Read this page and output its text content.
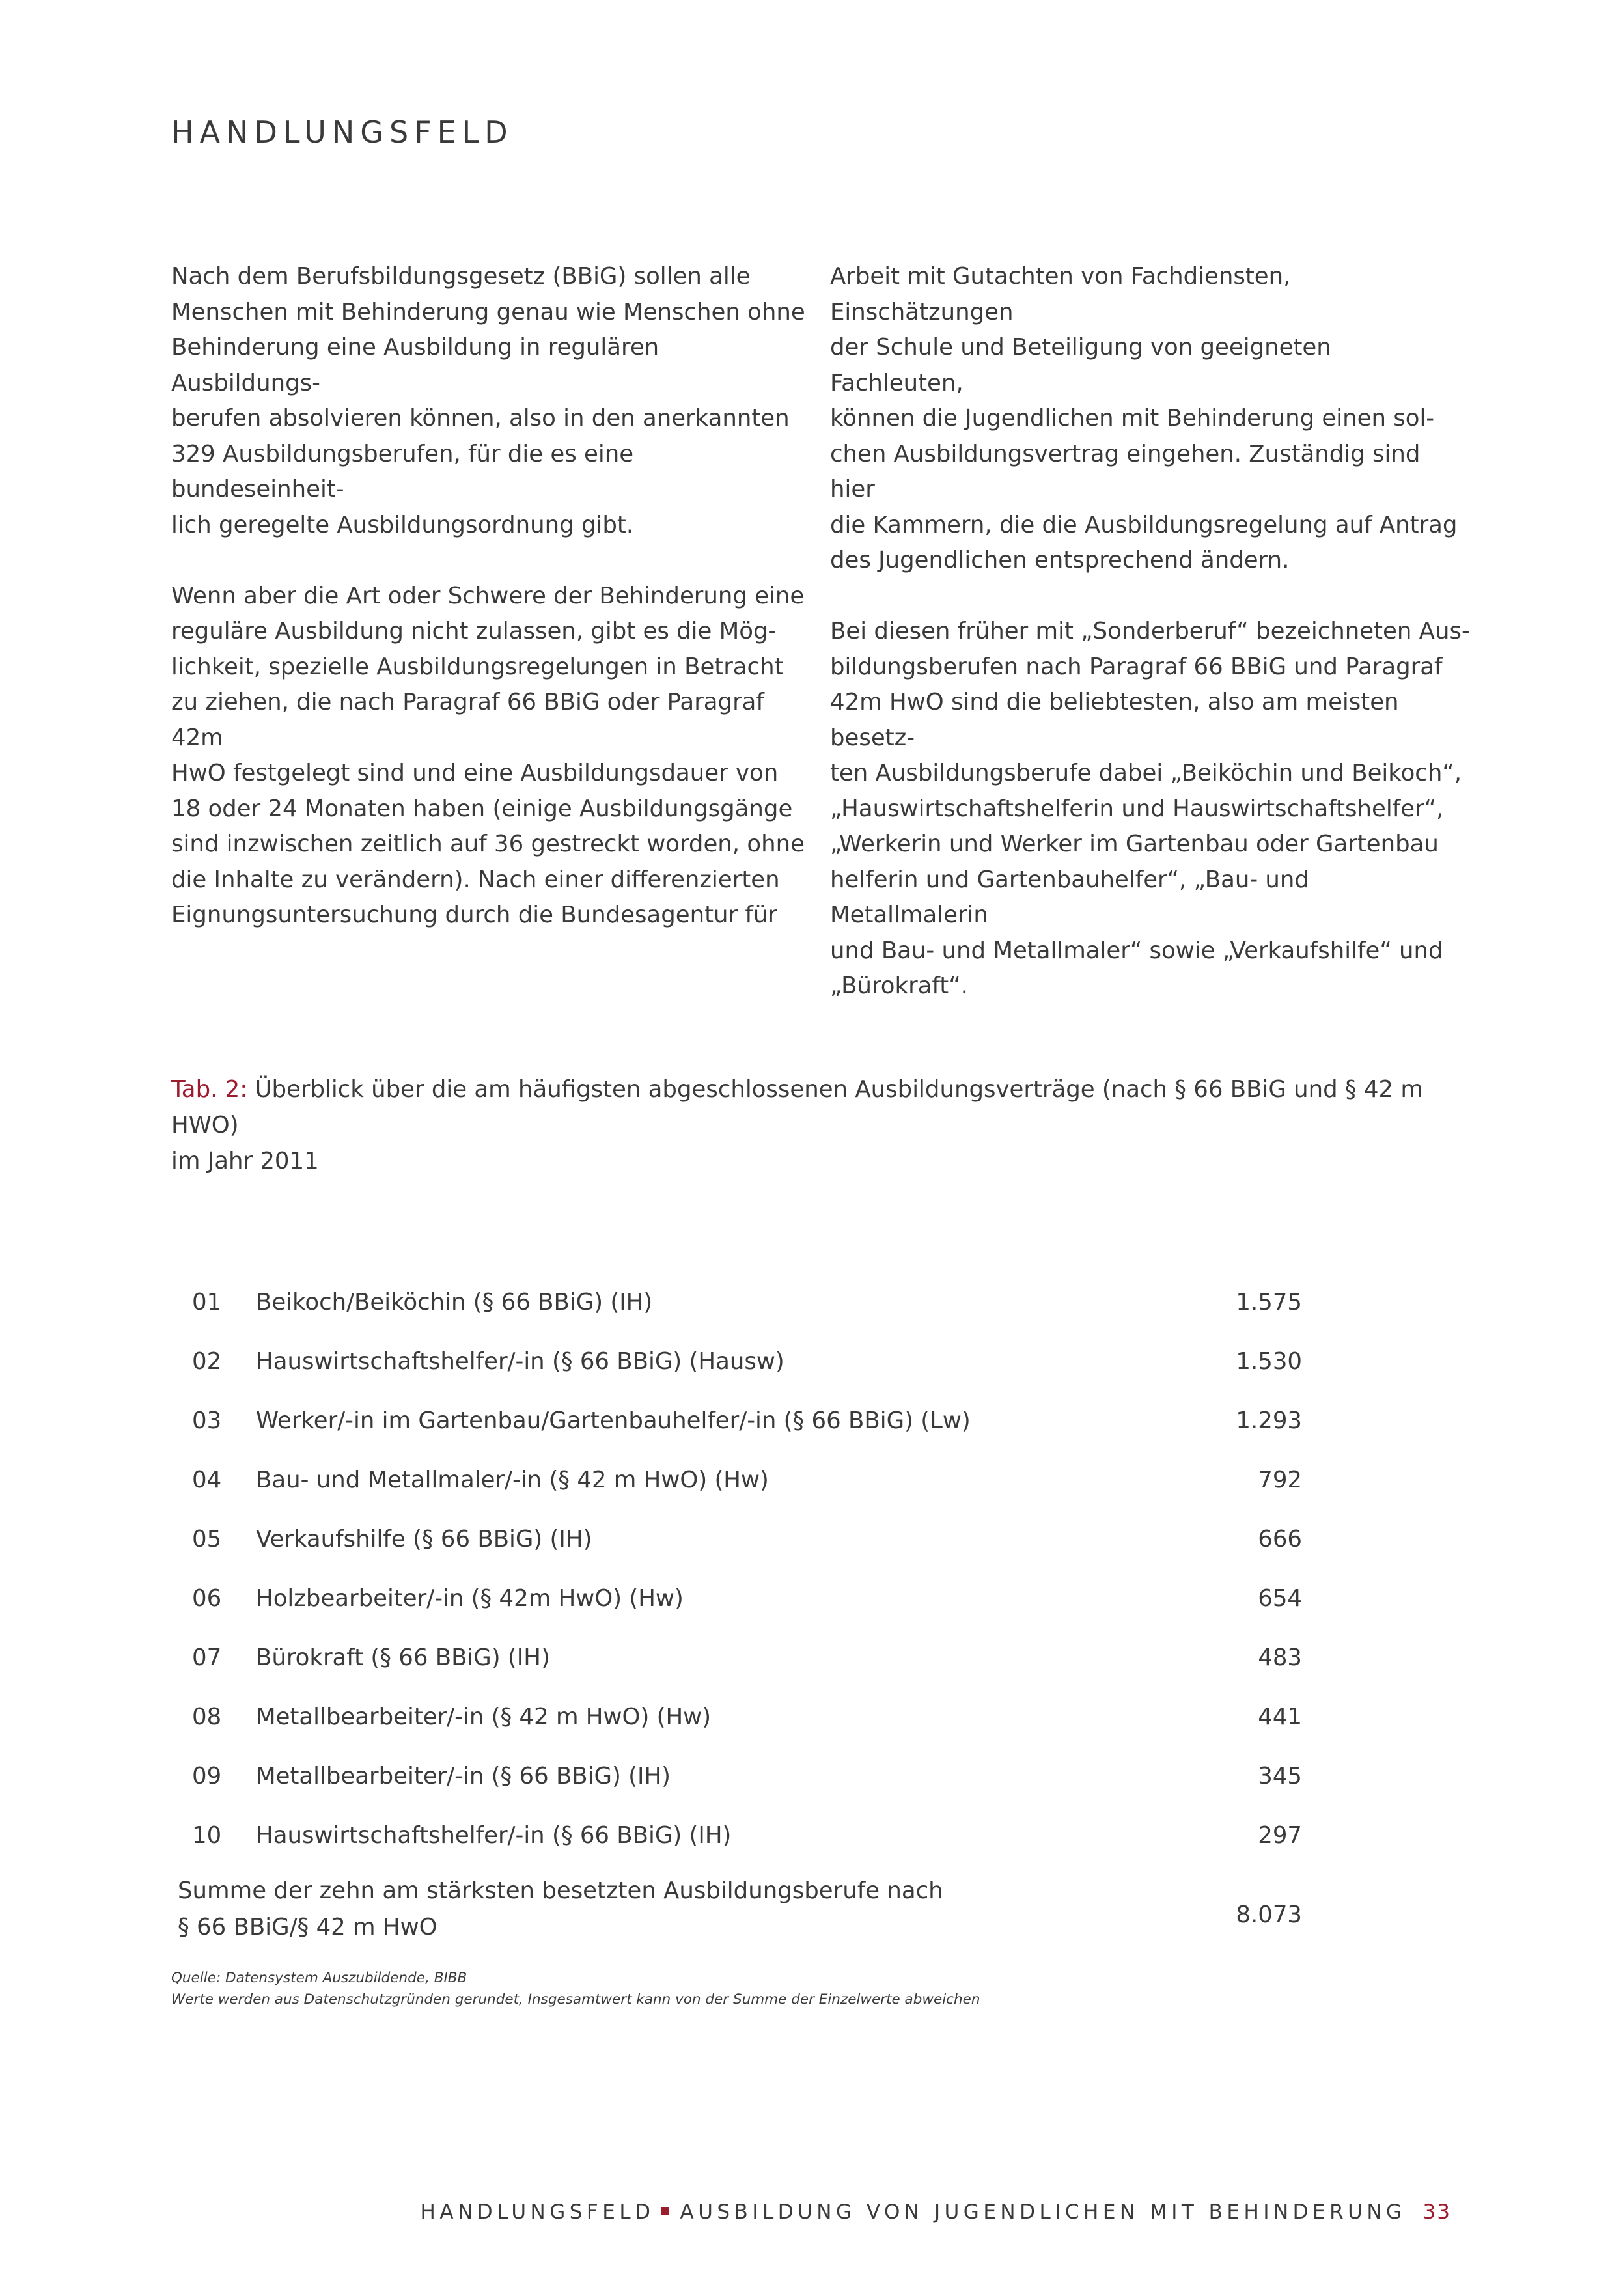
HANDLUNGSFELD

Nach dem Berufsbildungsgesetz (BBiG) sollen alle
Menschen mit Behinderung genau wie Menschen ohne
Behinderung eine Ausbildung in regulären Ausbildungs-
berufen absolvieren können, also in den anerkannten
329 Ausbildungsberufen, für die es eine bundeseinheit-
lich geregelte Ausbildungsordnung gibt.

Wenn aber die Art oder Schwere der Behinderung eine
reguläre Ausbildung nicht zulassen, gibt es die Mög-
lichkeit, spezielle Ausbildungsregelungen in Betracht
zu ziehen, die nach Paragraf 66 BBiG oder Paragraf 42m
HwO festgelegt sind und eine Ausbildungsdauer von
18 oder 24 Monaten haben (einige Ausbildungsgänge
sind inzwischen zeitlich auf 36 gestreckt worden, ohne
die Inhalte zu verändern). Nach einer differenzierten
Eignungsuntersuchung durch die Bundesagentur für

Arbeit mit Gutachten von Fachdiensten, Einschätzungen
der Schule und Beteiligung von geeigneten Fachleuten,
können die Jugendlichen mit Behinderung einen sol-
chen Ausbildungsvertrag eingehen. Zuständig sind hier
die Kammern, die die Ausbildungsregelung auf Antrag
des Jugendlichen entsprechend ändern.

Bei diesen früher mit „Sonderberuf“ bezeichneten Aus-
bildungsberufen nach Paragraf 66 BBiG und Paragraf
42m HwO sind die beliebtesten, also am meisten besetz-
ten Ausbildungsberufe dabei „Beiköchin und Beikoch“,
„Hauswirtschaftshelferin und Hauswirtschaftshelfer“,
„Werkerin und Werker im Gartenbau oder Gartenbau
helferin und Gartenbauhelfer“, „Bau- und Metallmalerin
und Bau- und Metallmaler“ sowie „Verkaufshilfe“ und
„Bürokraft“.

Tab. 2: Überblick über die am häufigsten abgeschlossenen Ausbildungsverträge (nach § 66 BBiG und § 42 m HWO)
im Jahr 2011
01 Beikoch/Beiköchin (§ 66 BBiG) (IH)	1.575
02 Hauswirtschaftshelfer/-in (§ 66 BBiG) (Hausw)	1.530
03 Werker/-in im Gartenbau/Gartenbauhelfer/-in (§ 66 BBiG) (Lw)	1.293
04 Bau- und Metallmaler/-in (§ 42 m HwO) (Hw)	792
05 Verkaufshilfe (§ 66 BBiG) (IH)	666
06 Holzbearbeiter/-in (§ 42m HwO) (Hw)	654
07 Bürokraft (§ 66 BBiG) (IH)	483
08 Metallbearbeiter/-in (§ 42 m HwO) (Hw)	441
09 Metallbearbeiter/-in (§ 66 BBiG) (IH)	345
10 Hauswirtschaftshelfer/-in (§ 66 BBiG) (IH)	297
Summe der zehn am stärksten besetzten Ausbildungsberufe nach
§ 66 BBiG/§ 42 m HwO	8.073
Quelle: Datensystem Auszubildende, BIBB
Werte werden aus Datenschutzgründen gerundet, Insgesamtwert kann von der Summe der Einzelwerte abweichen
HANDLUNGSFELD AUSBILDUNG VON JUGENDLICHEN MIT BEHINDERUNG 33
